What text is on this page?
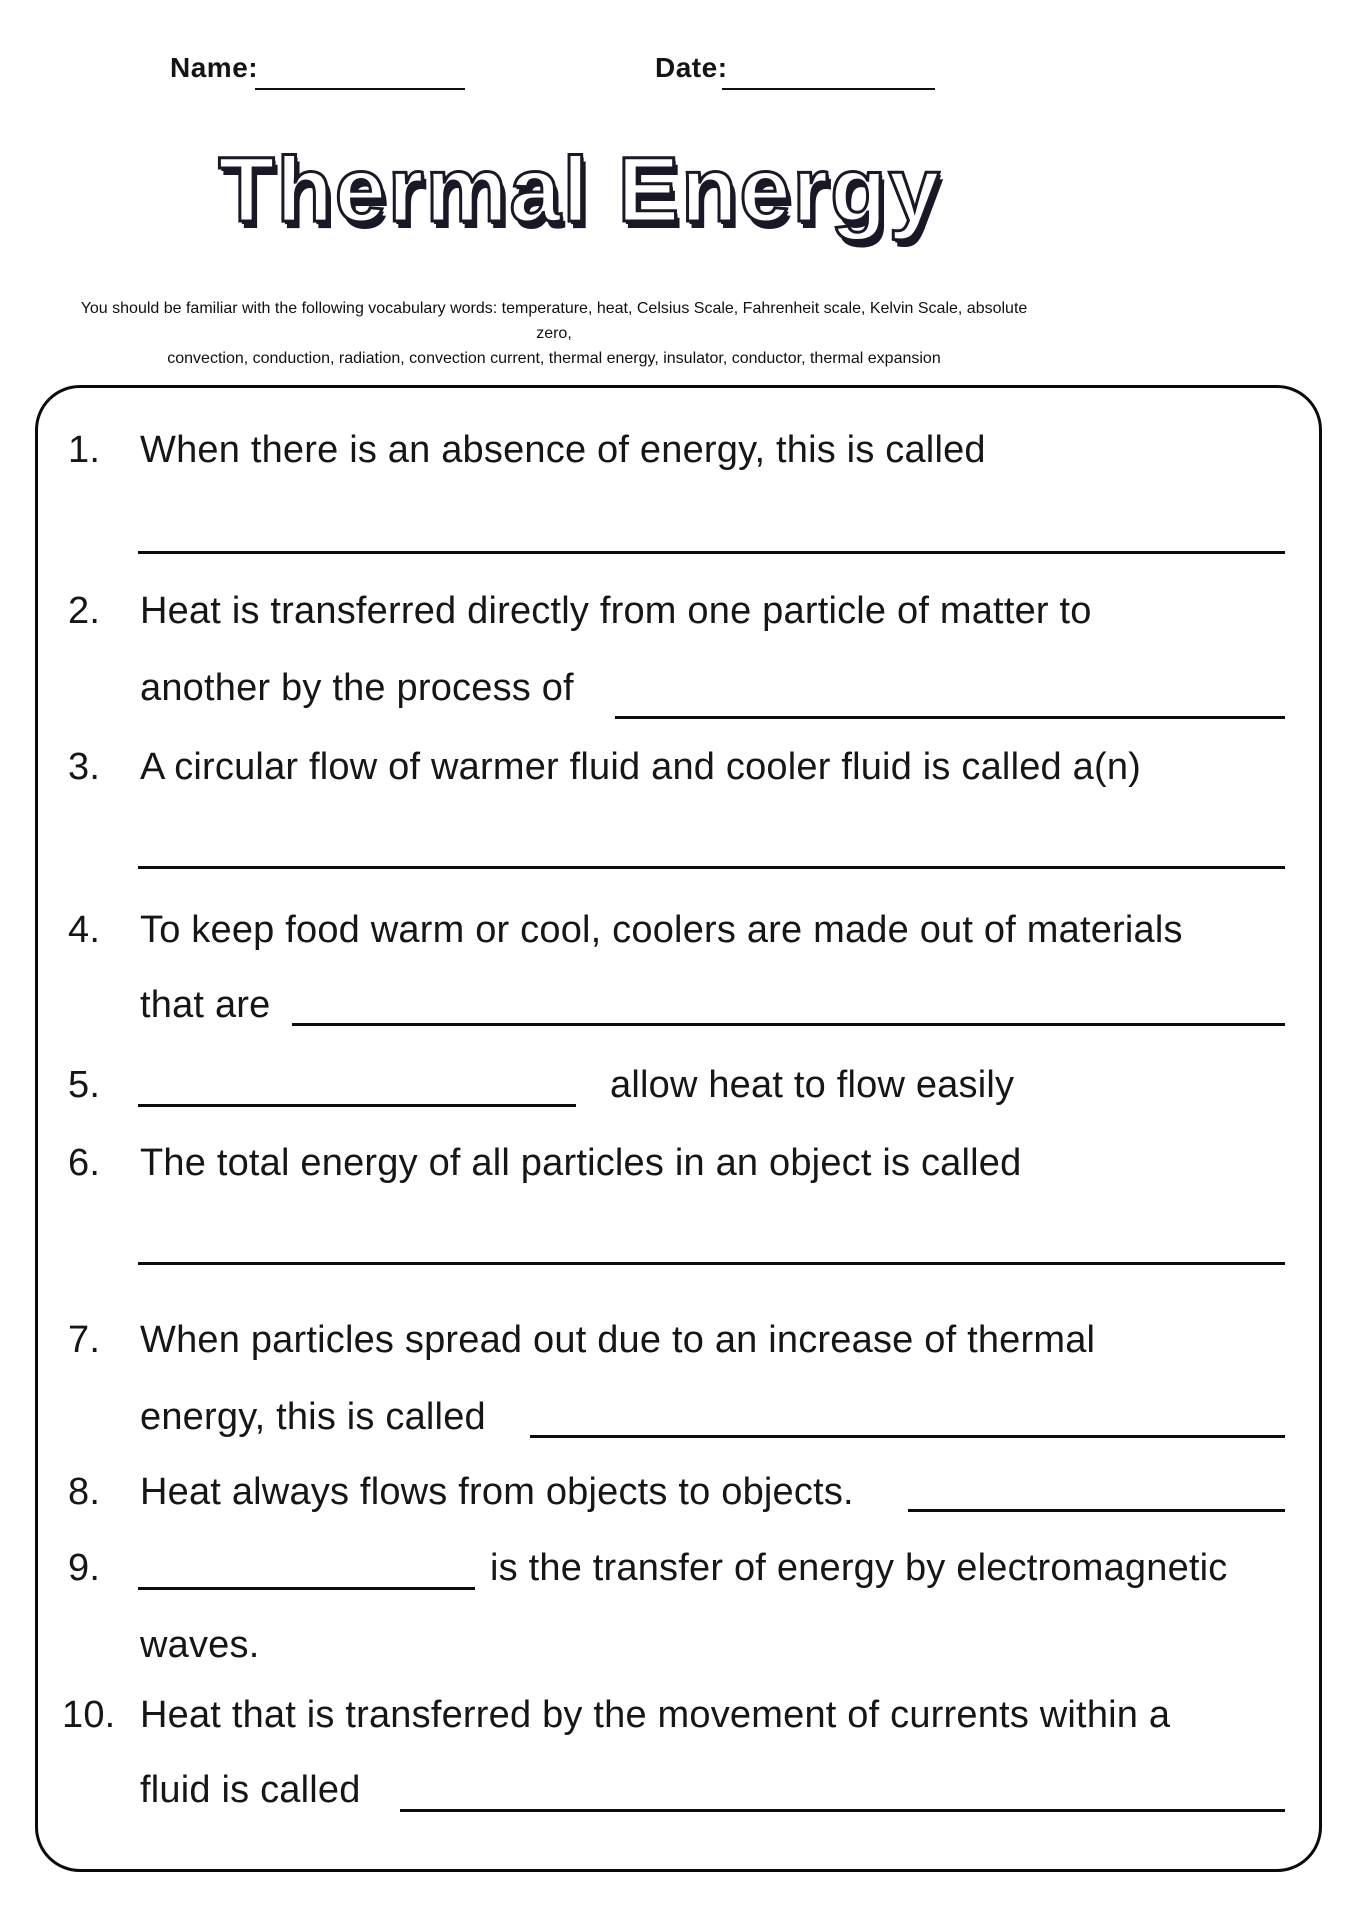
Name:	Date:
Thermal Energy
You should be familiar with the following vocabulary words: temperature, heat, Celsius Scale, Fahrenheit scale, Kelvin Scale, absolute zero,
convection, conduction, radiation, convection current, thermal energy, insulator, conductor, thermal expansion
1.	When there is an absence of energy, this is called
2.	Heat is transferred directly from one particle of matter to
another by the process of
3.	A circular flow of warmer fluid and cooler fluid is called a(n)
4.	To keep food warm or cool, coolers are made out of materials
that are
5.	allow heat to flow easily
6.	The total energy of all particles in an object is called
7.	When particles spread out due to an increase of thermal
energy, this is called
8.	Heat always flows from objects to objects.
9.	is the transfer of energy by electromagnetic
waves.
10. Heat that is transferred by the movement of currents within a
fluid is called
